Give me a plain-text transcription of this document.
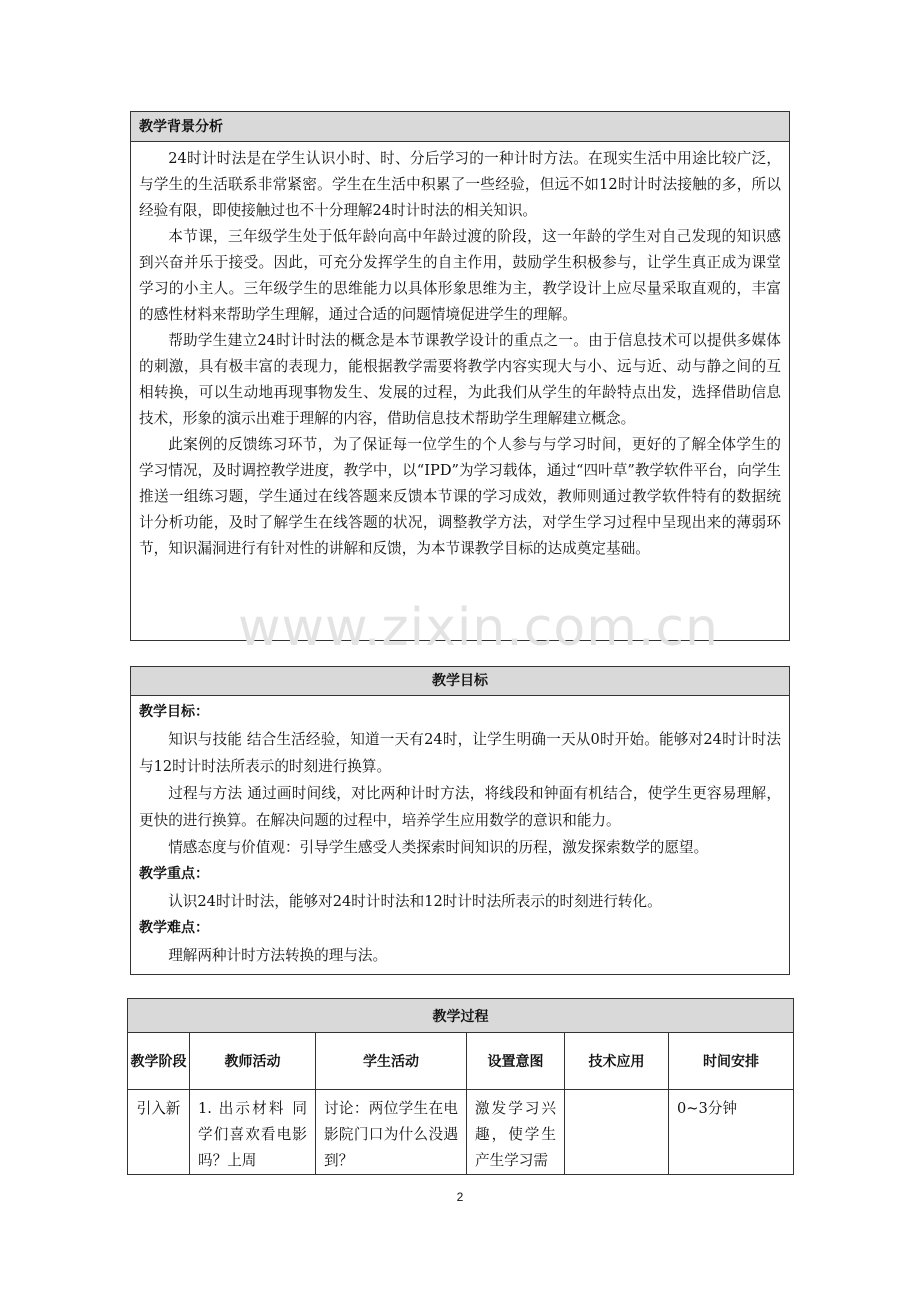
教学背景分析

24时计时法是在学生认识小时、时、分后学习的一种计时方法。在现实生活中用途比较广泛，与学生的生活联系非常紧密。学生在生活中积累了一些经验，但远不如12时计时法接触的多，所以经验有限，即使接触过也不十分理解24时计时法的相关知识。

本节课，三年级学生处于低年龄向高中年龄过渡的阶段，这一年龄的学生对自己发现的知识感到兴奋并乐于接受。因此，可充分发挥学生的自主作用，鼓励学生积极参与，让学生真正成为课堂学习的小主人。三年级学生的思维能力以具体形象思维为主，教学设计上应尽量采取直观的，丰富的感性材料来帮助学生理解，通过合适的问题情境促进学生的理解。

帮助学生建立24时计时法的概念是本节课教学设计的重点之一。由于信息技术可以提供多媒体的刺激，具有极丰富的表现力，能根据教学需要将教学内容实现大与小、远与近、动与静之间的互相转换，可以生动地再现事物发生、发展的过程，为此我们从学生的年龄特点出发，选择借助信息技术，形象的演示出难于理解的内容，借助信息技术帮助学生理解建立概念。

此案例的反馈练习环节，为了保证每一位学生的个人参与与学习时间，更好的了解全体学生的学习情况，及时调控教学进度，教学中，以“IPD”为学习载体，通过“四叶草”教学软件平台，向学生推送一组练习题，学生通过在线答题来反馈本节课的学习成效，教师则通过教学软件特有的数据统计分析功能，及时了解学生在线答题的状况，调整教学方法，对学生学习过程中呈现出来的薄弱环节，知识漏洞进行有针对性的讲解和反馈，为本节课教学目标的达成奠定基础。

教学目标

教学目标：

知识与技能 结合生活经验，知道一天有24时，让学生明确一天从0时开始。能够对24时计时法与12时计时法所表示的时刻进行换算。

过程与方法 通过画时间线，对比两种计时方法，将线段和钟面有机结合，使学生更容易理解，更快的进行换算。在解决问题的过程中，培养学生应用数学的意识和能力。

情感态度与价值观：引导学生感受人类探索时间知识的历程，激发探索数学的愿望。

教学重点：

认识24时计时法，能够对24时计时法和12时计时法所表示的时刻进行转化。

教学难点：

理解两种计时方法转换的理与法。

教学过程					
教学阶段	教师活动	学生活动	设置意图	技术应用	时间安排
引入新	1. 出示材料 同学们喜欢看电影吗？上周	讨论：两位学生在电影院门口为什么没遇到？	激发学习兴趣，使学生产生学习需		0~3分钟
www.zixin.com.cn
2
